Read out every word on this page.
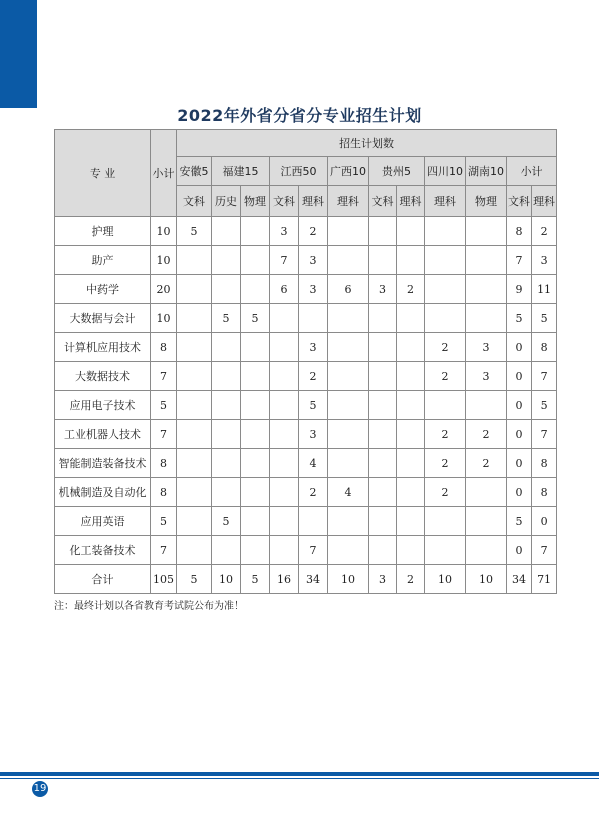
2022年外省分省分专业招生计划
专 业	小计	招生计划数											
		安徽5	福建15		江西50		广西10	贵州5		四川10	湖南10	小计	
		文科	历史	物理	文科	理科	理科	文科	理科	理科	物理	文科	理科
护理	10	5			3	2						8	2
助产	10				7	3						7	3
中药学	20				6	3	6	3	2			9	11
大数据与会计	10		5	5								5	5
计算机应用技术	8					3				2	3	0	8
大数据技术	7					2				2	3	0	7
应用电子技术	5					5						0	5
工业机器人技术	7					3				2	2	0	7
智能制造装备技术	8					4				2	2	0	8
机械制造及自动化	8					2	4			2		0	8
应用英语	5		5									5	0
化工装备技术	7					7						0	7
合计	105	5	10	5	16	34	10	3	2	10	10	34	71
注：最终计划以各省教育考试院公布为准！
19
